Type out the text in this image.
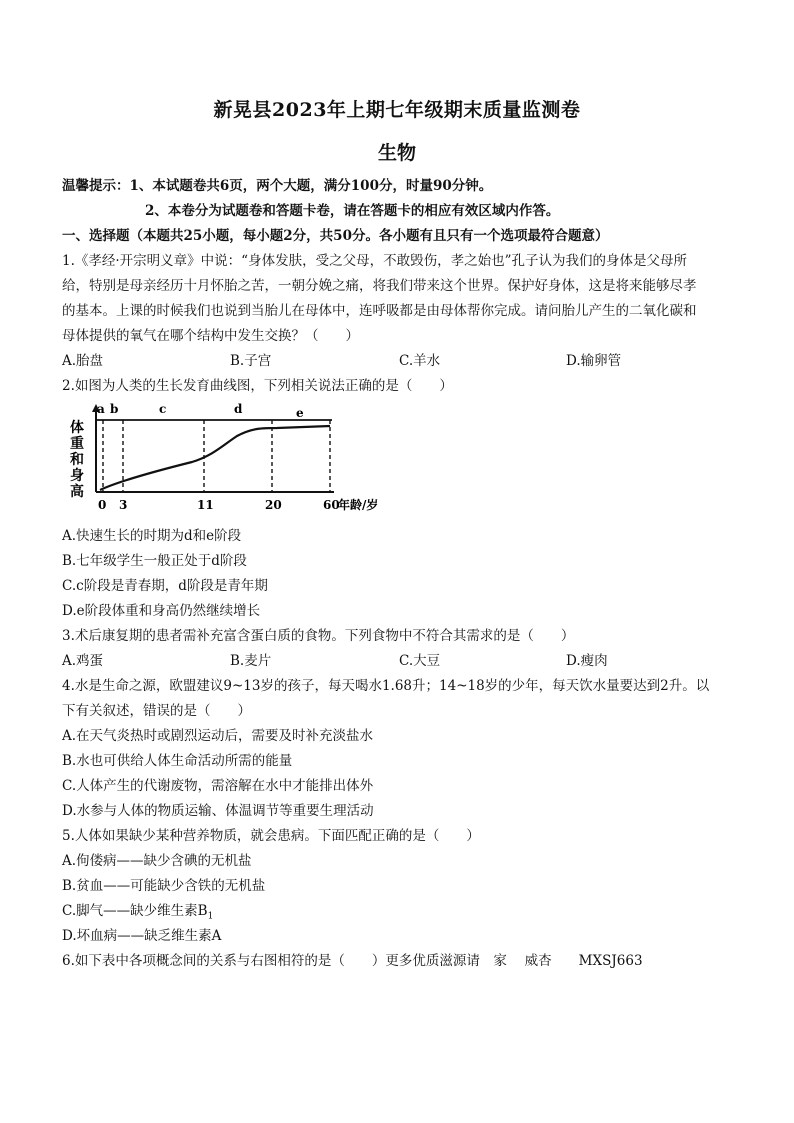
新晃县2023年上期七年级期末质量监测卷
生物
温馨提示：1、本试题卷共6页，两个大题，满分100分，时量90分钟。
2、本卷分为试题卷和答题卡卷，请在答题卡的相应有效区域内作答。
一、选择题（本题共25小题，每小题2分，共50分。各小题有且只有一个选项最符合题意）
1.《孝经·开宗明义章》中说：“身体发肤，受之父母，不敢毁伤，孝之始也”孔子认为我们的身体是父母所
给，特别是母亲经历十月怀胎之苦，一朝分娩之痛，将我们带来这个世界。保护好身体，这是将来能够尽孝
的基本。上课的时候我们也说到当胎儿在母体中，连呼吸都是由母体帮你完成。请问胎儿产生的二氧化碳和
母体提供的氧气在哪个结构中发生交换？（　　）
A.胎盘	B.子宫	C.羊水	D.输卵管
2.如图为人类的生长发育曲线图，下列相关说法正确的是（　　）
a b	c	d	e
体重和身高
0 3	11	20	60
年龄/岁
A.快速生长的时期为d和e阶段
B.七年级学生一般正处于d阶段
C.c阶段是青春期，d阶段是青年期
D.e阶段体重和身高仍然继续增长
3.术后康复期的患者需补充富含蛋白质的食物。下列食物中不符合其需求的是（　　）
A.鸡蛋	B.麦片	C.大豆	D.瘦肉
4.水是生命之源，欧盟建议9~13岁的孩子，每天喝水1.68升；14~18岁的少年，每天饮水量要达到2升。以
下有关叙述，错误的是（　　）
A.在天气炎热时或剧烈运动后，需要及时补充淡盐水
B.水也可供给人体生命活动所需的能量
C.人体产生的代谢废物，需溶解在水中才能排出体外
D.水参与人体的物质运输、体温调节等重要生理活动
5.人体如果缺少某种营养物质，就会患病。下面匹配正确的是（　　）
A.佝偻病——缺少含碘的无机盐
B.贫血——可能缺少含铁的无机盐
C.脚气——缺少维生素$B_1$
D.坏血病——缺乏维生素A
6.如下表中各项概念间的关系与右图相符的是（　　）更多优质滋源请　家　 威杏　　MXSJ663
